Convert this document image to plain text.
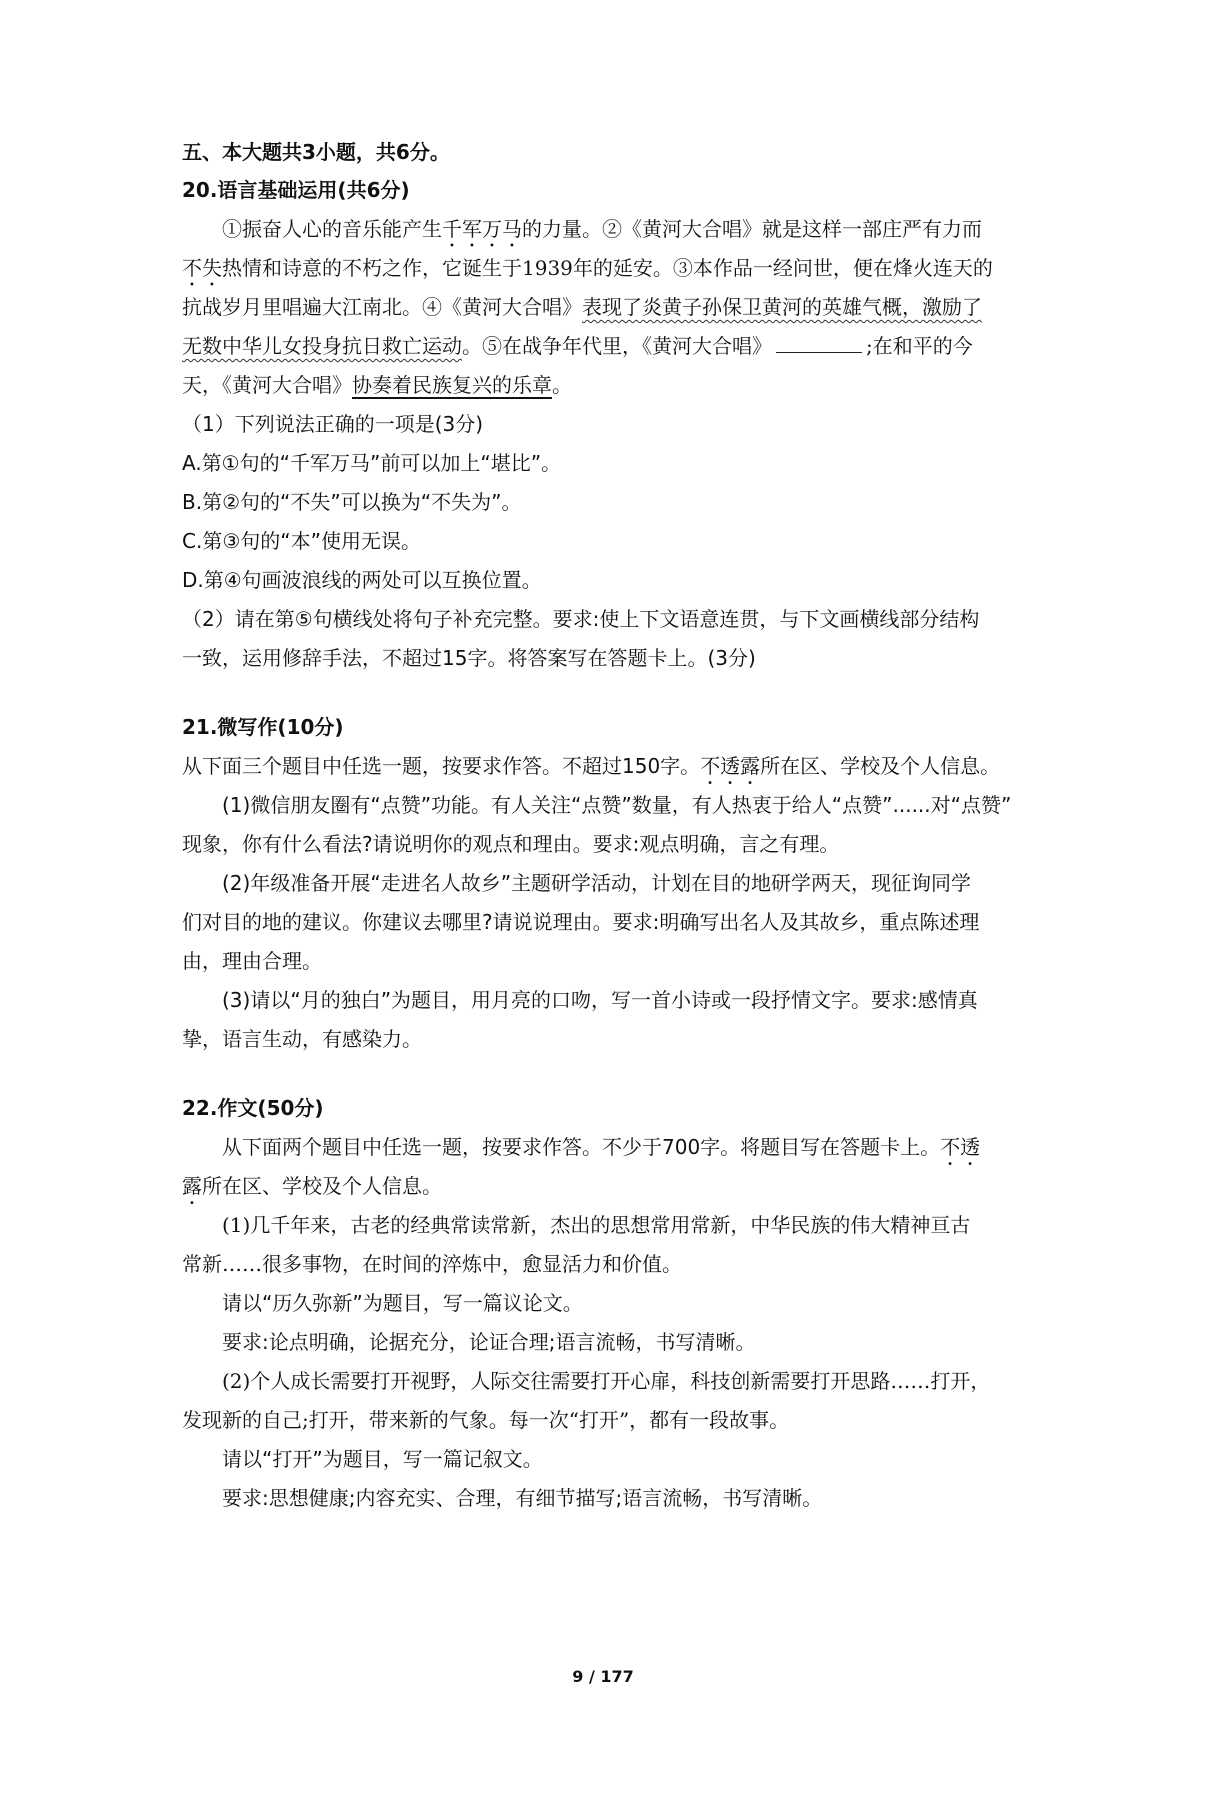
五、本大题共3小题，共6分。
20.语言基础运用(共6分)
①振奋人心的音乐能产生千军万马的力量。②《黄河大合唱》就是这样一部庄严有力而
不失热情和诗意的不朽之作，它诞生于1939年的延安。③本作品一经问世，便在烽火连天的
抗战岁月里唱遍大江南北。④《黄河大合唱》表现了炎黄子孙保卫黄河的英雄气概，激励了
无数中华儿女投身抗日救亡运动。⑤在战争年代里，《黄河大合唱》	;在和平的今
天，《黄河大合唱》协奏着民族复兴的乐章。
（1）下列说法正确的一项是(3分)
A.第①句的“千军万马”前可以加上“堪比”。
B.第②句的“不失”可以换为“不失为”。
C.第③句的“本”使用无误。
D.第④句画波浪线的两处可以互换位置。
（2）请在第⑤句横线处将句子补充完整。要求:使上下文语意连贯，与下文画横线部分结构
一致，运用修辞手法，不超过15字。将答案写在答题卡上。(3分)
21.微写作(10分)
从下面三个题目中任选一题，按要求作答。不超过150字。不透露所在区、学校及个人信息。
(1)微信朋友圈有“点赞”功能。有人关注“点赞”数量，有人热衷于给人“点赞”......对“点赞”
现象，你有什么看法?请说明你的观点和理由。要求:观点明确，言之有理。
(2)年级准备开展“走进名人故乡”主题研学活动，计划在目的地研学两天，现征询同学
们对目的地的建议。你建议去哪里?请说说理由。要求:明确写出名人及其故乡，重点陈述理
由，理由合理。
(3)请以“月的独白”为题目，用月亮的口吻，写一首小诗或一段抒情文字。要求:感情真
挚，语言生动，有感染力。
22.作文(50分)
从下面两个题目中任选一题，按要求作答。不少于700字。将题目写在答题卡上。不透
露所在区、学校及个人信息。
(1)几千年来，古老的经典常读常新，杰出的思想常用常新，中华民族的伟大精神亘古
常新……很多事物，在时间的淬炼中，愈显活力和价值。
请以“历久弥新”为题目，写一篇议论文。
要求:论点明确，论据充分，论证合理;语言流畅，书写清晰。
(2)个人成长需要打开视野，人际交往需要打开心扉，科技创新需要打开思路……打开，
发现新的自己;打开，带来新的气象。每一次“打开”，都有一段故事。
请以“打开”为题目，写一篇记叙文。
要求:思想健康;内容充实、合理，有细节描写;语言流畅，书写清晰。
9 / 177
